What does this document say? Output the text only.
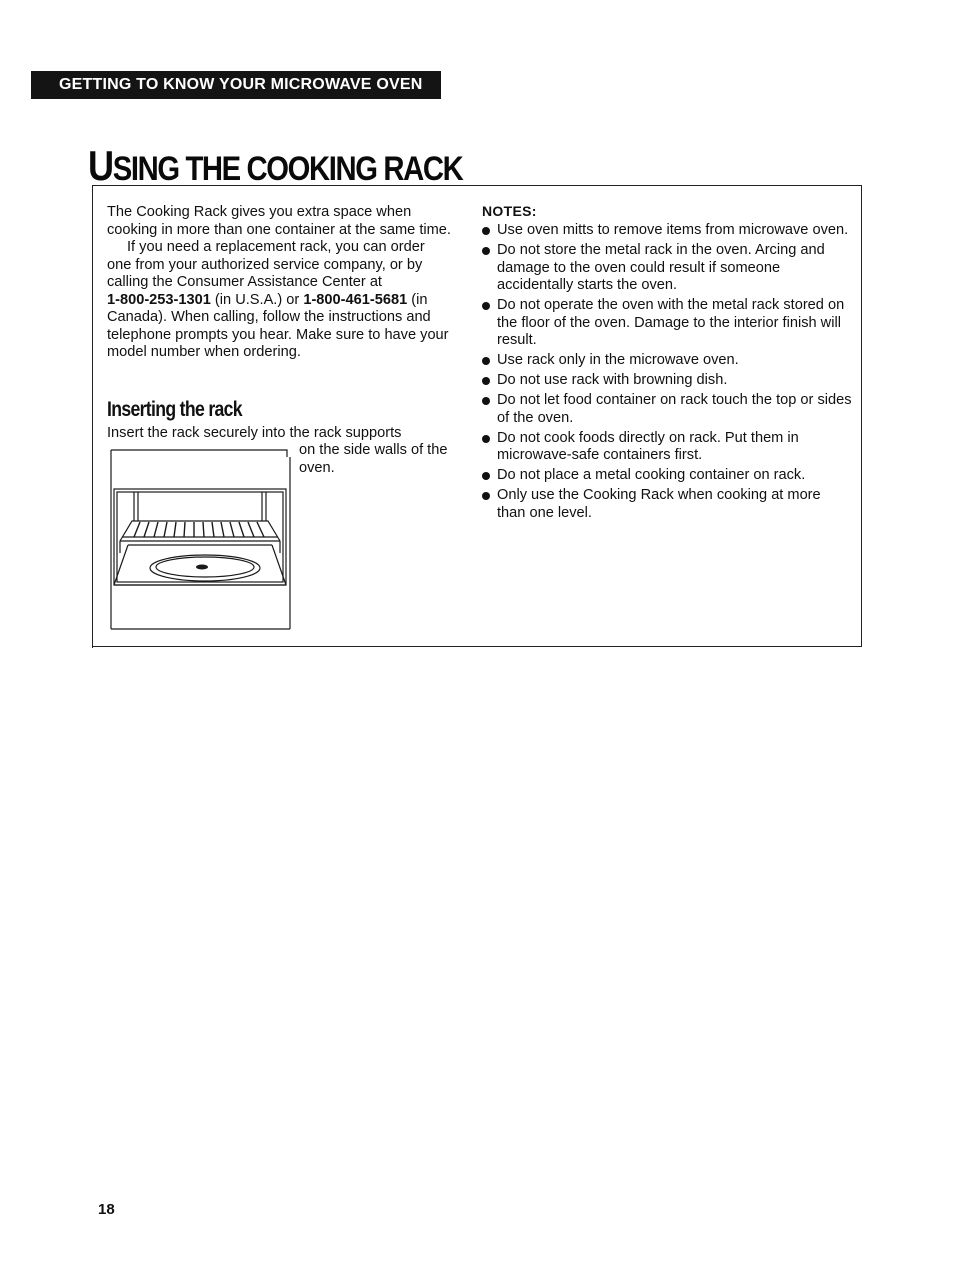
GETTING TO KNOW YOUR MICROWAVE OVEN
USING THE COOKING RACK

The Cooking Rack gives you extra space when cooking in more than one container at the same time.

If you need a replacement rack, you can order one from your authorized service company, or by calling the Consumer Assistance Center at
1-800-253-1301 (in U.S.A.) or 1-800-461-5681 (in Canada). When calling, follow the instructions and telephone prompts you hear. Make sure to have your model number when ordering.

Inserting the rack
Insert the rack securely into the rack supports
on the side walls of the oven.
NOTES:
Use oven mitts to remove items from microwave oven.
Do not store the metal rack in the oven. Arcing and damage to the oven could result if someone accidentally starts the oven.
Do not operate the oven with the metal rack stored on the floor of the oven. Damage to the interior finish will result.
Use rack only in the microwave oven.
Do not use rack with browning dish.
Do not let food container on rack touch the top or sides of the oven.
Do not cook foods directly on rack. Put them in microwave-safe containers first.
Do not place a metal cooking container on rack.
Only use the Cooking Rack when cooking at more than one level.
18
